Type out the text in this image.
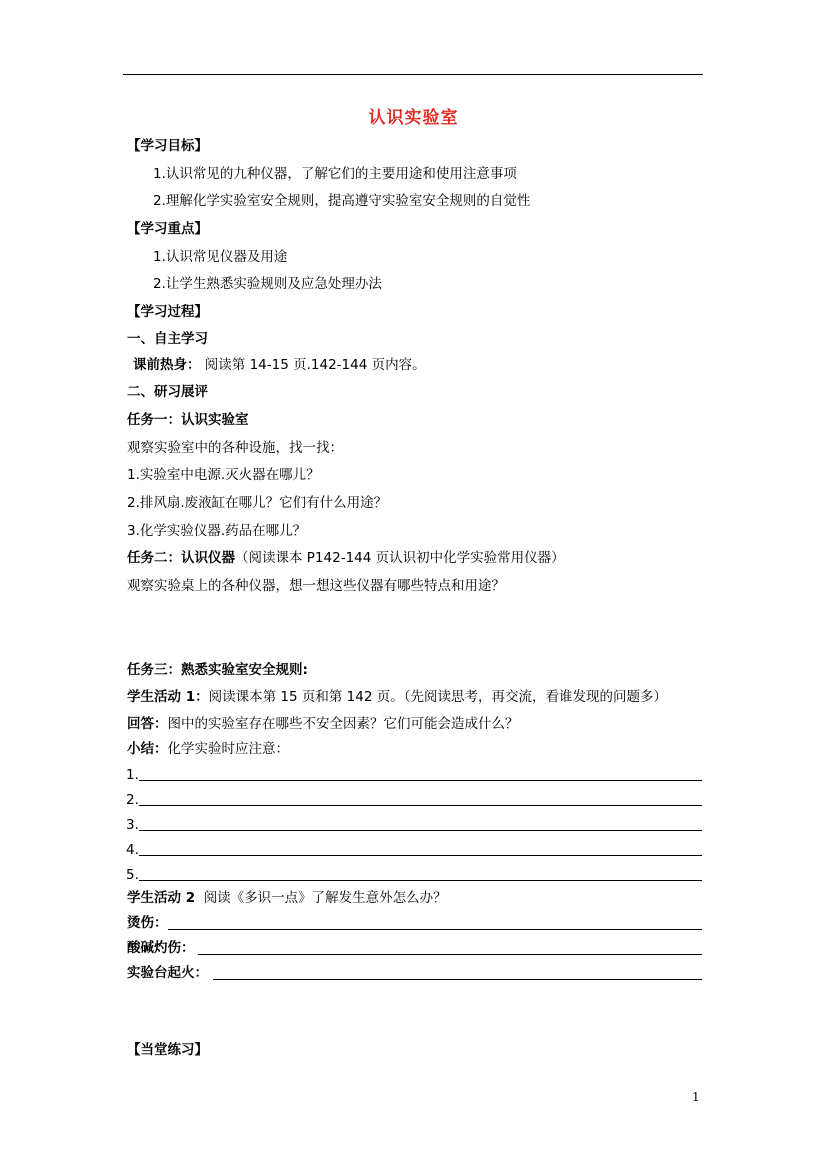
认识实验室
【学习目标】
1.认识常见的九种仪器，了解它们的主要用途和使用注意事项
2.理解化学实验室安全规则，提高遵守实验室安全规则的自觉性
【学习重点】
1.认识常见仪器及用途
2.让学生熟悉实验规则及应急处理办法
【学习过程】
一、自主学习
课前热身： 阅读第 14-15 页.142-144 页内容。
二、研习展评
任务一：认识实验室
观察实验室中的各种设施，找一找：
1.实验室中电源.灭火器在哪儿？
2.排风扇.废液缸在哪儿？它们有什么用途？
3.化学实验仪器.药品在哪儿？
任务二：认识仪器（阅读课本 P142-144 页认识初中化学实验常用仪器）
观察实验桌上的各种仪器，想一想这些仪器有哪些特点和用途？
任务三：熟悉实验室安全规则:
学生活动 1：阅读课本第 15 页和第 142 页。（先阅读思考，再交流，看谁发现的问题多）
回答：图中的实验室存在哪些不安全因素？它们可能会造成什么？
小结：化学实验时应注意：
1.
2.
3.
4.
5.
学生活动 2 阅读《多识一点》了解发生意外怎么办？
烫伤：
酸碱灼伤：
实验台起火：
【当堂练习】
1
